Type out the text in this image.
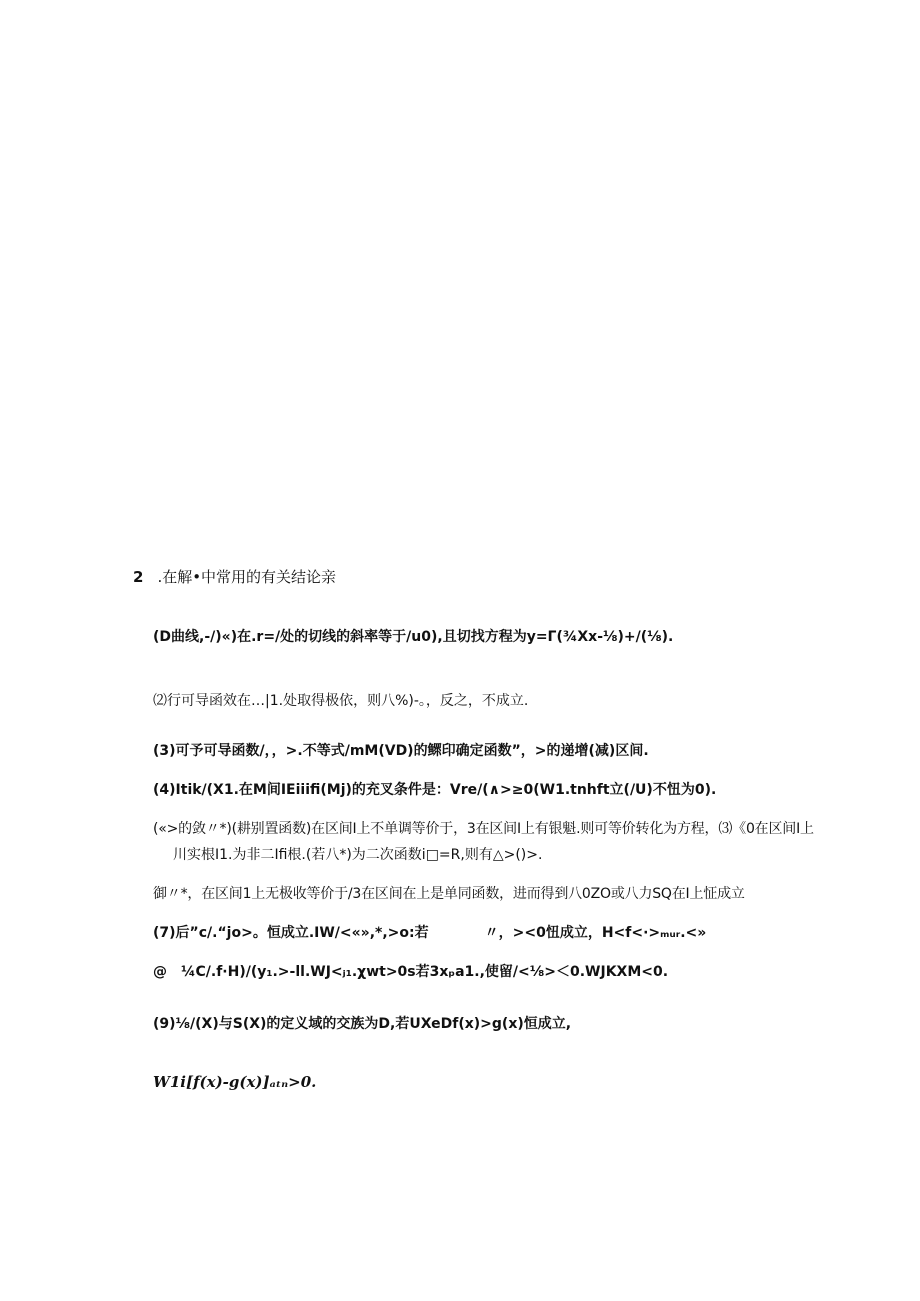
2 .在解•中常用的有关结论亲
(D曲线,-/)«)在.r=/处的切线的斜率等于/u0),且切找方程为y=Γ(¾Xx-⅛)+/(⅛).
⑵行可导函效在…|1.处取得极依，则八%)-。，反之，不成立.
(3)可予可导函数/，，>.不等式/mM(VD)的鳏印确定函数”，>的递增(减)区间.
(4)Itik/(X1.在M间IEiiifi(Mj)的充叉条件是：Vre/(∧>≥0(W1.tnhft立(/U)不忸为0).
(«>的敛〃*)(耕别置函数)在区间I上不单调等价于，3在区间I上有银魁.则可等价转化为方程，⑶《0在区间I上
川实根I1.为非二Ifi根.(若八*)为二次函数i□=R,则有△>()>.
御〃*，在区间1上无极收等价于/3在区间在上是单同函数，进而得到八0ZO或八力SQ在I上怔成立
(7)后”c/.“jo>。恒成立.IW/<«»,*,>o:若　　　　〃，><0忸成立，H<f<·>ₘᵤᵣ.<»
@　¼C/.f·H)/(y₁.>-ll.WJ<ⱼ₁.χwt>0s若3xₚa1.,使留/<⅛>＜0.WJKXM<0.
(9)⅛/(X)与S(X)的定义域的交族为D,若UXeDf(x)>g(x)恒成立,
W1i[f(x)-g(x)]ₐₜₙ>0.
